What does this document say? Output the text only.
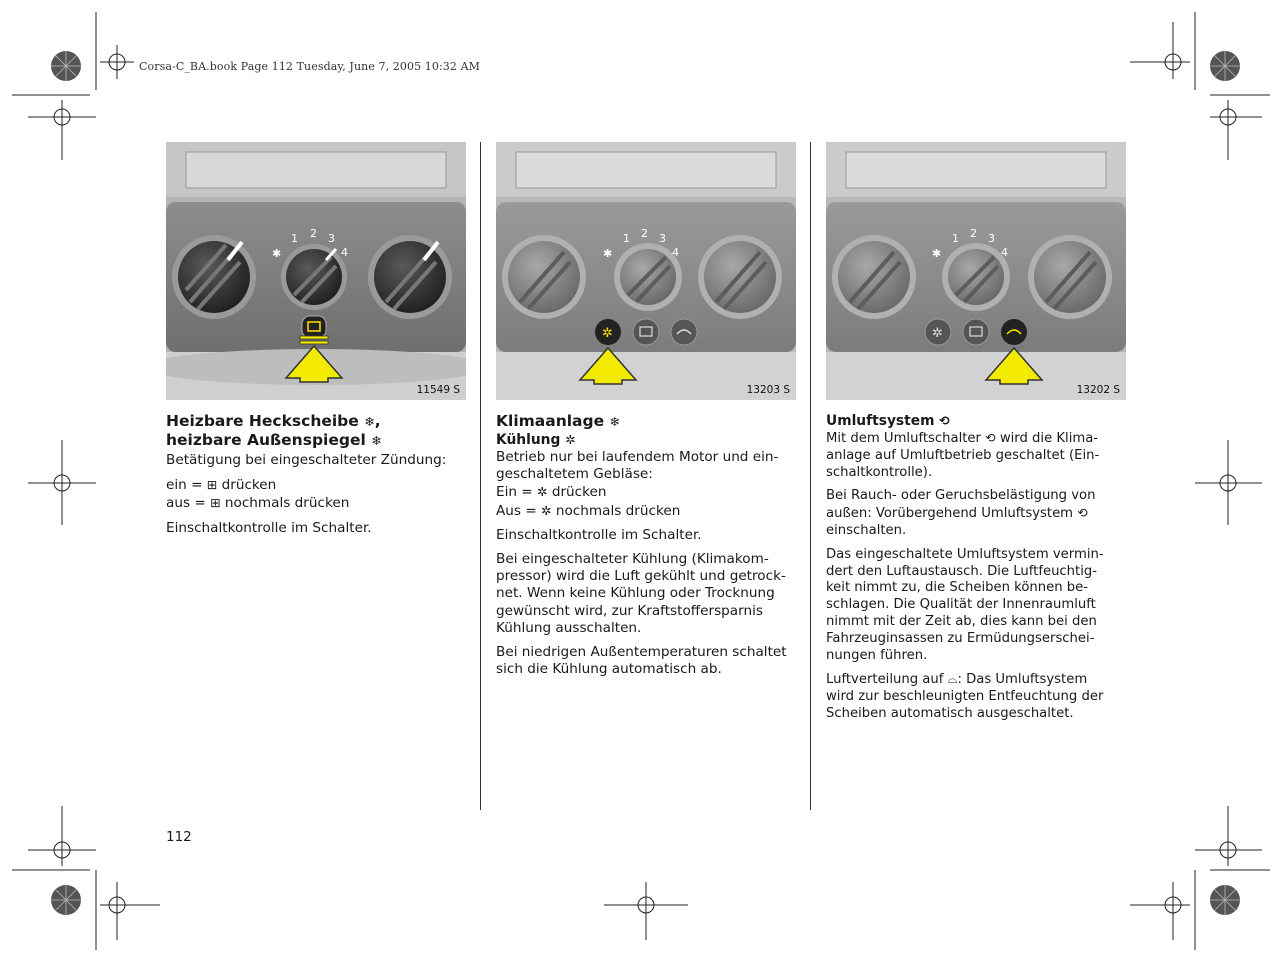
Corsa-C_BA.book Page 112 Tuesday, June 7, 2005 10:32 AM
1 2 3
4
✱
11549 S
1 2 3
4
✱
✲
13203 S
1 2 3
4
✱
✲
13202 S
Heizbare Heckscheibe ❄,
heizbare Außenspiegel ❄

Betätigung bei eingeschalteter Zündung:

ein = ⊞ drücken

aus = ⊞ nochmals drücken

Einschaltkontrolle im Schalter.

Klimaanlage ❄
Kühlung ✲
Betrieb nur bei laufendem Motor und ein-
geschaltetem Gebläse:
Ein = ✲ drücken

Aus = ✲ nochmals drücken

Einschaltkontrolle im Schalter.

Bei eingeschalteter Kühlung (Klimakom-
pressor) wird die Luft gekühlt und getrock-
net. Wenn keine Kühlung oder Trocknung
gewünscht wird, zur Kraftstoffersparnis
Kühlung ausschalten.

Bei niedrigen Außentemperaturen schaltet
sich die Kühlung automatisch ab.

Umluftsystem ⟲
Mit dem Umluftschalter ⟲ wird die Klima-

anlage auf Umluftbetrieb geschaltet (Ein-
schaltkontrolle).

Bei Rauch- oder Geruchsbelästigung von
außen: Vorübergehend Umluftsystem ⟲

einschalten.

Das eingeschaltete Umluftsystem vermin-
dert den Luftaustausch. Die Luftfeuchtig-
keit nimmt zu, die Scheiben können be-
schlagen. Die Qualität der Innenraumluft
nimmt mit der Zeit ab, dies kann bei den
Fahrzeuginsassen zu Ermüdungserschei-
nungen führen.

Luftverteilung auf ⌓: Das Umluftsystem

wird zur beschleunigten Entfeuchtung der
Scheiben automatisch ausgeschaltet.

112
